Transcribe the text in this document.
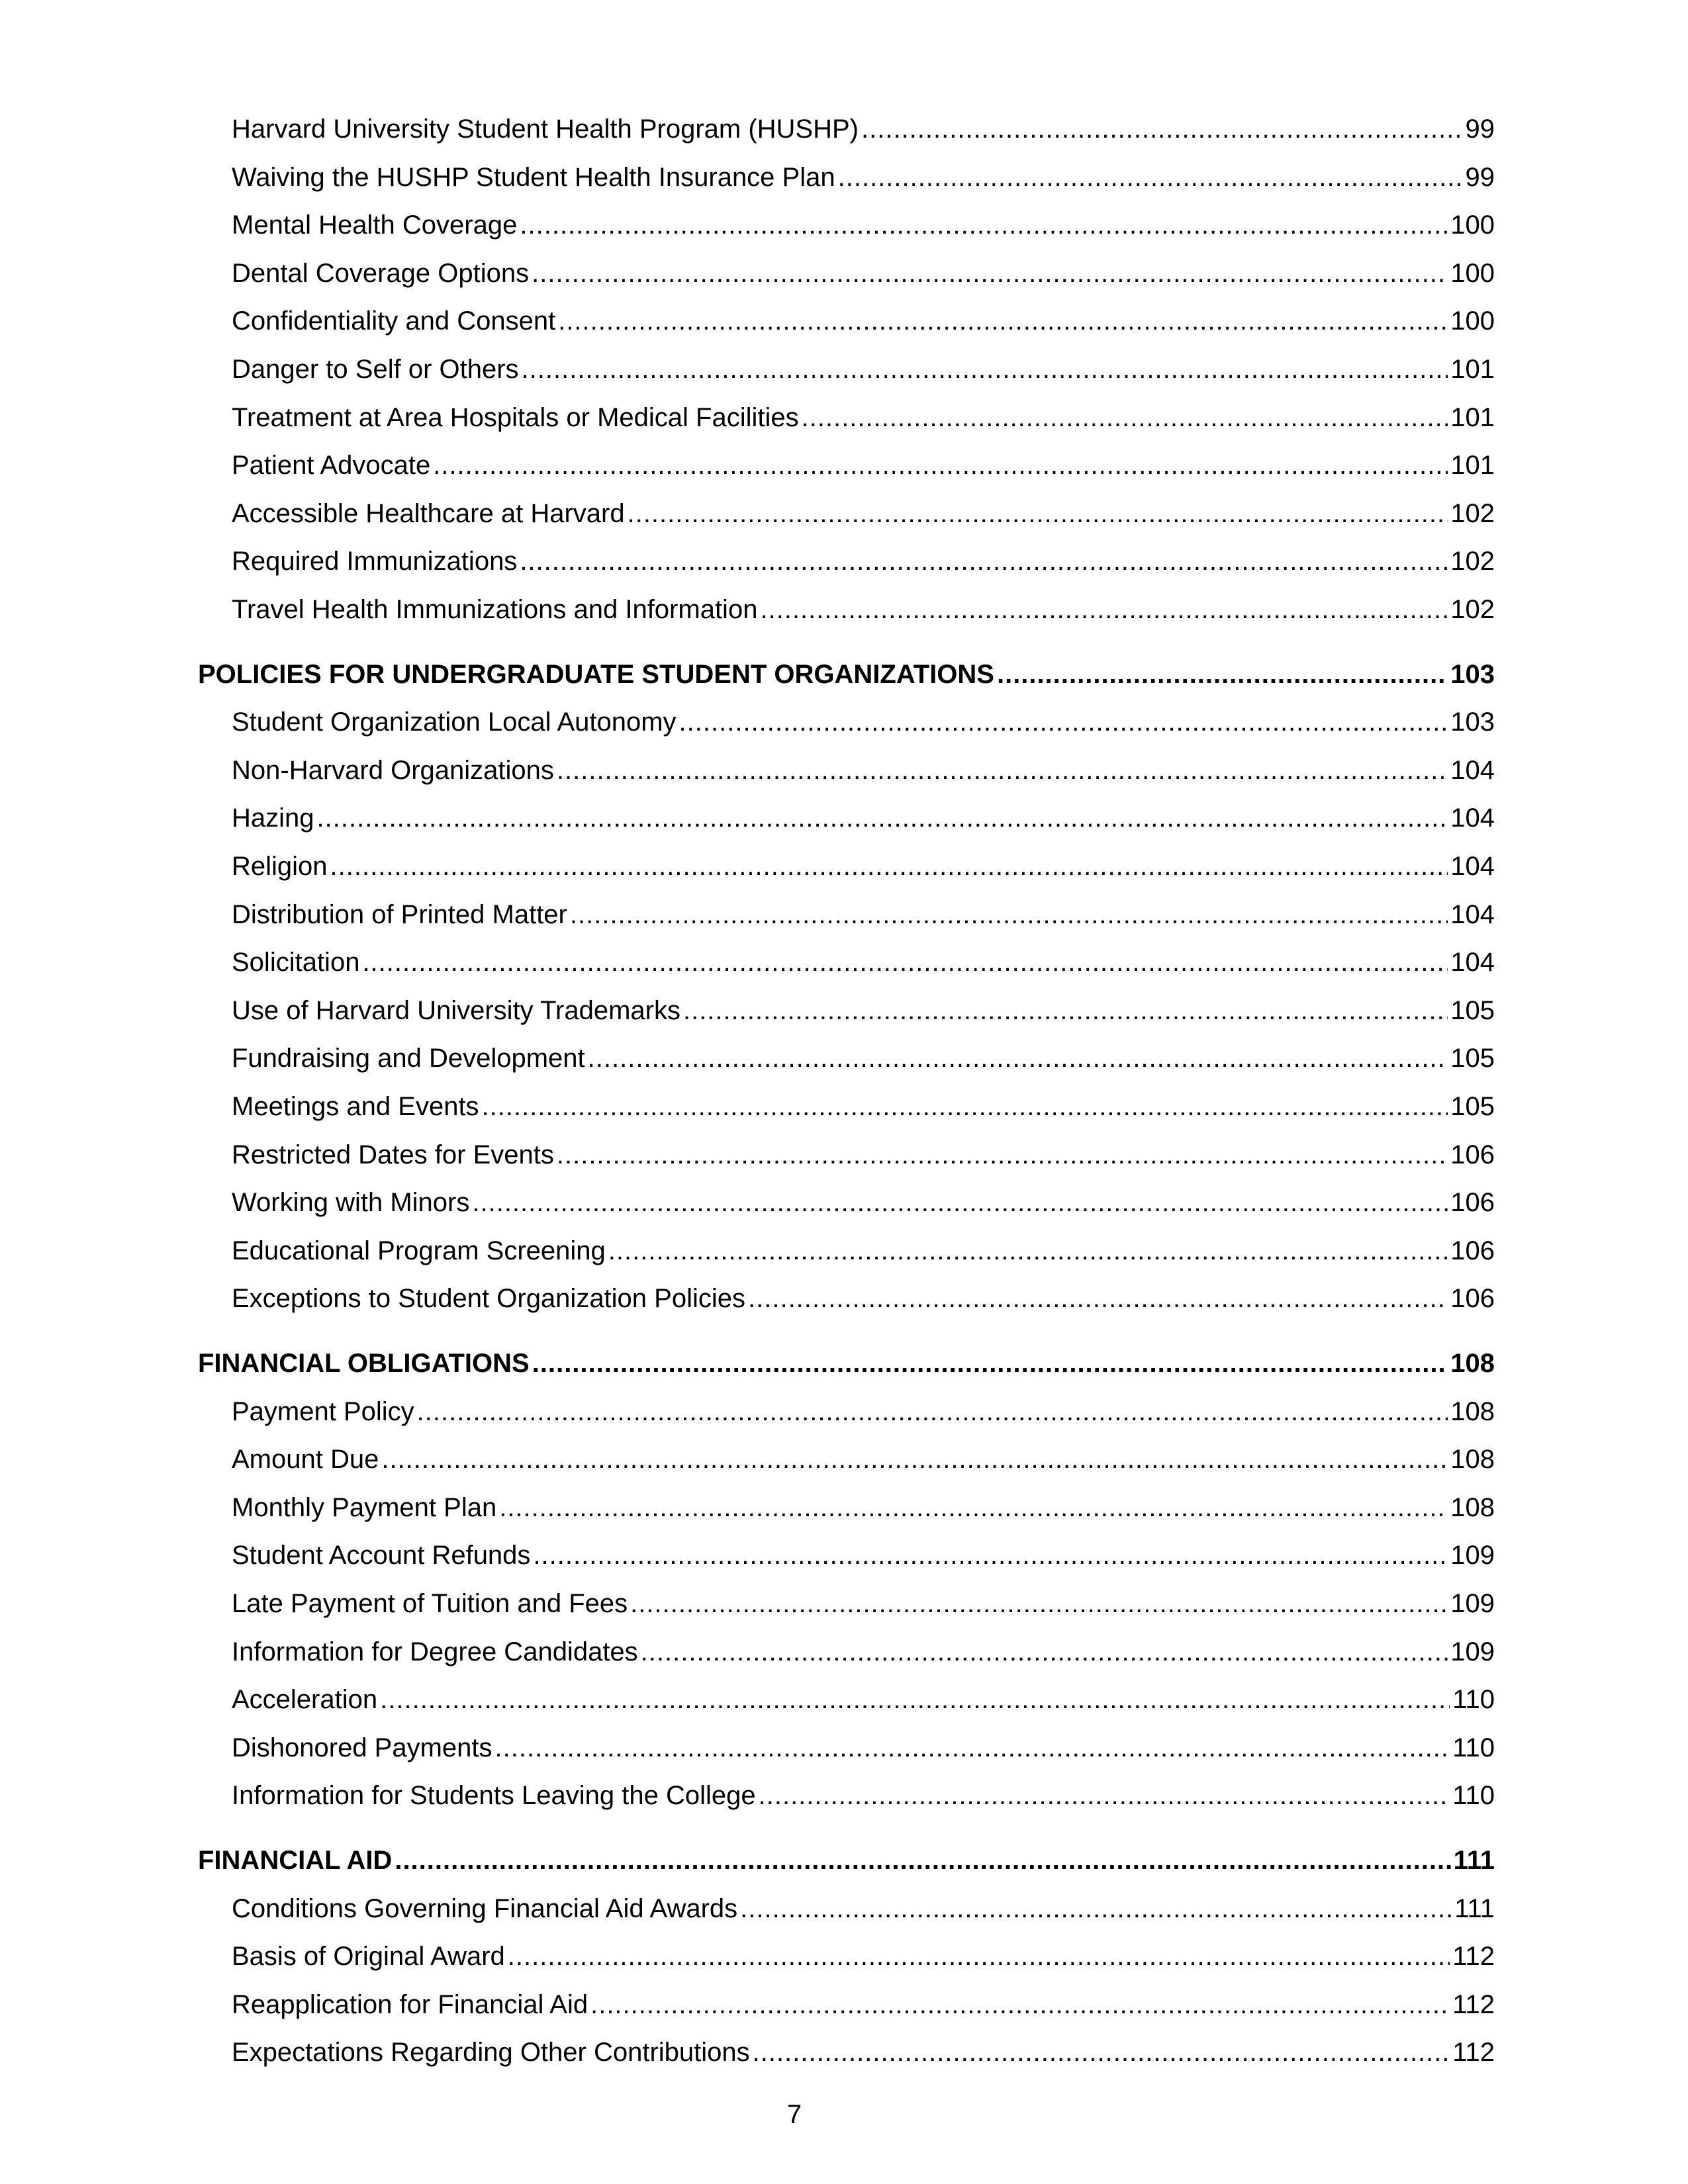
Harvard University Student Health Program (HUSHP) .....	99
Waiving the HUSHP Student Health Insurance Plan .....	99
Mental Health Coverage .....	100
Dental Coverage Options .....	100
Confidentiality and Consent .....	100
Danger to Self or Others .....	101
Treatment at Area Hospitals or Medical Facilities .....	101
Patient Advocate .....	101
Accessible Healthcare at Harvard .....	102
Required Immunizations .....	102
Travel Health Immunizations and Information .....	102
POLICIES FOR UNDERGRADUATE STUDENT ORGANIZATIONS .....	103
Student Organization Local Autonomy .....	103
Non-Harvard Organizations .....	104
Hazing .....	104
Religion .....	104
Distribution of Printed Matter .....	104
Solicitation .....	104
Use of Harvard University Trademarks .....	105
Fundraising and Development .....	105
Meetings and Events .....	105
Restricted Dates for Events .....	106
Working with Minors .....	106
Educational Program Screening .....	106
Exceptions to Student Organization Policies .....	106
FINANCIAL OBLIGATIONS .....	108
Payment Policy .....	108
Amount Due .....	108
Monthly Payment Plan .....	108
Student Account Refunds .....	109
Late Payment of Tuition and Fees .....	109
Information for Degree Candidates .....	109
Acceleration .....	110
Dishonored Payments .....	110
Information for Students Leaving the College .....	110
FINANCIAL AID .....	111
Conditions Governing Financial Aid Awards .....	111
Basis of Original Award .....	112
Reapplication for Financial Aid .....	112
Expectations Regarding Other Contributions .....	112
7
